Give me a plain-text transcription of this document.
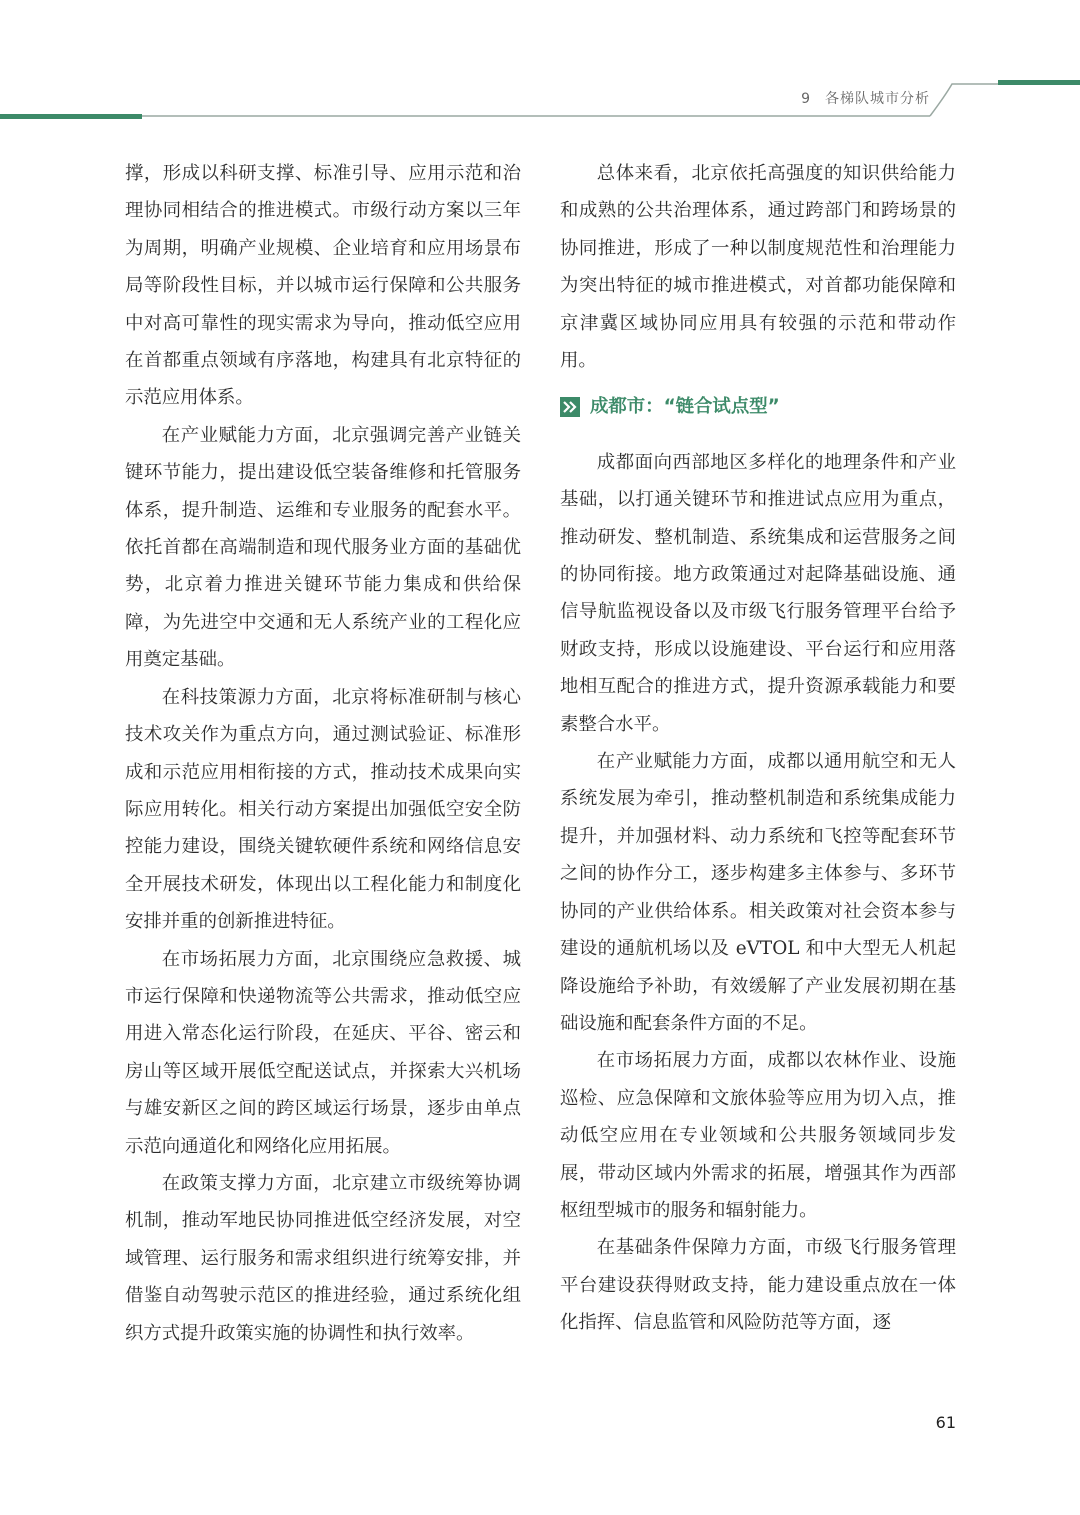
9 各梯队城市分析

撑，形成以科研支撑、标准引导、应用示范和治理协同相结合的推进模式。市级行动方案以三年为周期，明确产业规模、企业培育和应用场景布局等阶段性目标，并以城市运行保障和公共服务中对高可靠性的现实需求为导向，推动低空应用在首都重点领域有序落地，构建具有北京特征的示范应用体系。

在产业赋能力方面，北京强调完善产业链关键环节能力，提出建设低空装备维修和托管服务体系，提升制造、运维和专业服务的配套水平。依托首都在高端制造和现代服务业方面的基础优势，北京着力推进关键环节能力集成和供给保障，为先进空中交通和无人系统产业的工程化应用奠定基础。

在科技策源力方面，北京将标准研制与核心技术攻关作为重点方向，通过测试验证、标准形成和示范应用相衔接的方式，推动技术成果向实际应用转化。相关行动方案提出加强低空安全防控能力建设，围绕关键软硬件系统和网络信息安全开展技术研发，体现出以工程化能力和制度化安排并重的创新推进特征。

在市场拓展力方面，北京围绕应急救援、城市运行保障和快递物流等公共需求，推动低空应用进入常态化运行阶段，在延庆、平谷、密云和房山等区域开展低空配送试点，并探索大兴机场与雄安新区之间的跨区域运行场景，逐步由单点示范向通道化和网络化应用拓展。

在政策支撑力方面，北京建立市级统筹协调机制，推动军地民协同推进低空经济发展，对空域管理、运行服务和需求组织进行统筹安排，并借鉴自动驾驶示范区的推进经验，通过系统化组织方式提升政策实施的协调性和执行效率。

总体来看，北京依托高强度的知识供给能力和成熟的公共治理体系，通过跨部门和跨场景的协同推进，形成了一种以制度规范性和治理能力为突出特征的城市推进模式，对首都功能保障和京津冀区域协同应用具有较强的示范和带动作用。

成都市：“链合试点型”

成都面向西部地区多样化的地理条件和产业基础，以打通关键环节和推进试点应用为重点，推动研发、整机制造、系统集成和运营服务之间的协同衔接。地方政策通过对起降基础设施、通信导航监视设备以及市级飞行服务管理平台给予财政支持，形成以设施建设、平台运行和应用落地相互配合的推进方式，提升资源承载能力和要素整合水平。

在产业赋能力方面，成都以通用航空和无人系统发展为牵引，推动整机制造和系统集成能力提升，并加强材料、动力系统和飞控等配套环节之间的协作分工，逐步构建多主体参与、多环节协同的产业供给体系。相关政策对社会资本参与建设的通航机场以及 eVTOL 和中大型无人机起降设施给予补助，有效缓解了产业发展初期在基础设施和配套条件方面的不足。

在市场拓展力方面，成都以农林作业、设施巡检、应急保障和文旅体验等应用为切入点，推动低空应用在专业领域和公共服务领域同步发展，带动区域内外需求的拓展，增强其作为西部枢纽型城市的服务和辐射能力。

在基础条件保障力方面，市级飞行服务管理平台建设获得财政支持，能力建设重点放在一体化指挥、信息监管和风险防范等方面，逐

61
